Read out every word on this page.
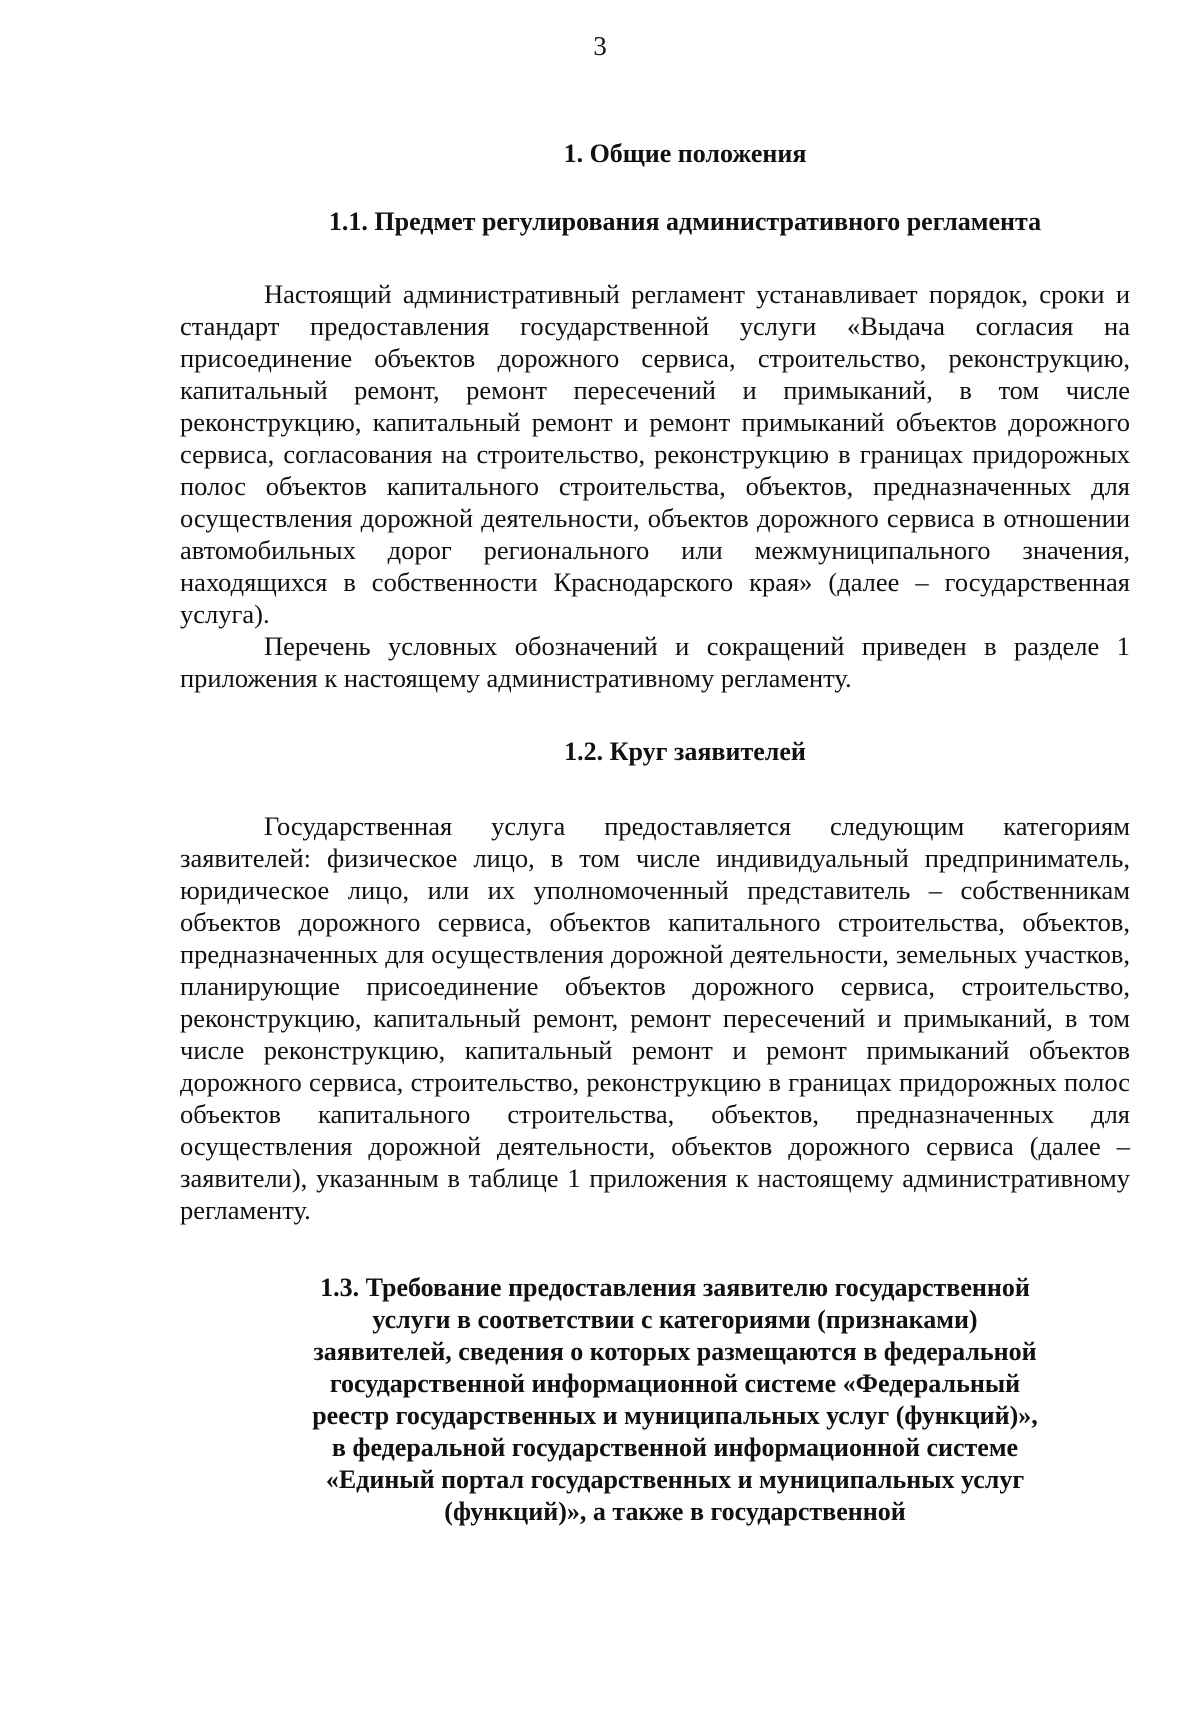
3
1. Общие положения
1.1. Предмет регулирования административного регламента

Настоящий административный регламент устанавливает порядок, сроки и стандарт предоставления государственной услуги «Выдача согласия на присоединение объектов дорожного сервиса, строительство, реконструкцию, капитальный ремонт, ремонт пересечений и примыканий, в том числе реконструкцию, капитальный ремонт и ремонт примыканий объектов дорожного сервиса, согласования на строительство, реконструкцию в границах придорожных полос объектов капитального строительства, объектов, предназначенных для осуществления дорожной деятельности, объектов дорожного сервиса в отношении автомобильных дорог регионального или межмуниципального значения, находящихся в собственности Краснодарского края» (далее – государственная услуга).

Перечень условных обозначений и сокращений приведен в разделе 1 приложения к настоящему административному регламенту.

1.2. Круг заявителей

Государственная услуга предоставляется следующим категориям заявителей: физическое лицо, в том числе индивидуальный предприниматель, юридическое лицо, или их уполномоченный представитель – собственникам объектов дорожного сервиса, объектов капитального строительства, объектов, предназначенных для осуществления дорожной деятельности, земельных участков, планирующие присоединение объектов дорожного сервиса, строительство, реконструкцию, капитальный ремонт, ремонт пересечений и примыканий, в том числе реконструкцию, капитальный ремонт и ремонт примыканий объектов дорожного сервиса, строительство, реконструкцию в границах придорожных полос объектов капитального строительства, объектов, предназначенных для осуществления дорожной деятельности, объектов дорожного сервиса (далее – заявители), указанным в таблице 1 приложения к настоящему административному регламенту.

1.3. Требование предоставления заявителю государственной услуги в соответствии с категориями (признаками) заявителей, сведения о которых размещаются в федеральной государственной информационной системе «Федеральный реестр государственных и муниципальных услуг (функций)», в федеральной государственной информационной системе «Единый портал государственных и муниципальных услуг (функций)», а также в государственной
